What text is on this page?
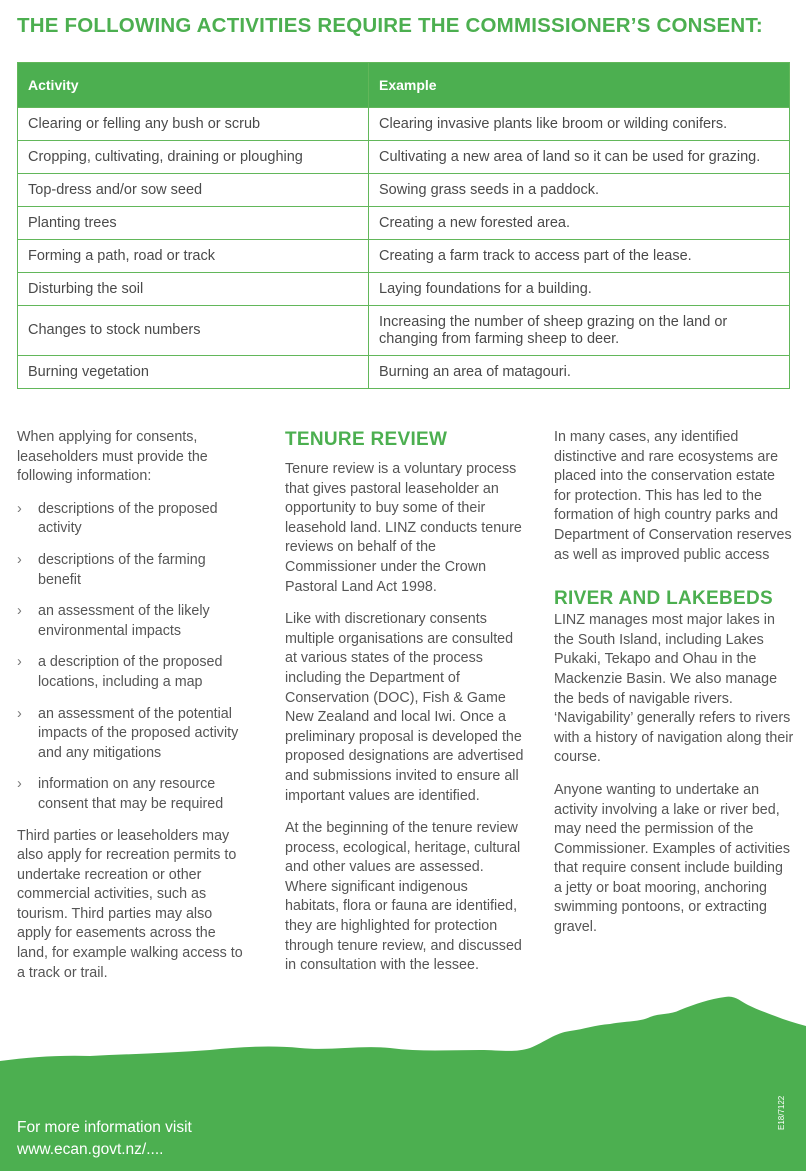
THE FOLLOWING ACTIVITIES REQUIRE THE COMMISSIONER’S CONSENT:
Activity	Example
Clearing or felling any bush or scrub	Clearing invasive plants like broom or wilding conifers.
Cropping, cultivating, draining or ploughing	Cultivating a new area of land so it can be used for grazing.
Top-dress and/or sow seed	Sowing grass seeds in a paddock.
Planting trees	Creating a new forested area.
Forming a path, road or track	Creating a farm track to access part of the lease.
Disturbing the soil	Laying foundations for a building.
Changes to stock numbers	Increasing the number of sheep grazing on the land or changing from farming sheep to deer.
Burning vegetation	Burning an area of matagouri.

When applying for consents, leaseholders must provide the following information:

› descriptions of the proposed activity
› descriptions of the farming benefit
› an assessment of the likely environmental impacts
› a description of the proposed locations, including a map
› an assessment of the potential impacts of the proposed activity and any mitigations
› information on any resource consent that may be required

Third parties or leaseholders may also apply for recreation permits to undertake recreation or other commercial activities, such as tourism. Third parties may also apply for easements across the land, for example walking access to a track or trail.

TENURE REVIEW

Tenure review is a voluntary process that gives pastoral leaseholder an opportunity to buy some of their leasehold land. LINZ conducts tenure reviews on behalf of the Commissioner under the Crown Pastoral Land Act 1998.

Like with discretionary consents multiple organisations are consulted at various states of the process including the Department of Conservation (DOC), Fish & Game New Zealand and local Iwi. Once a preliminary proposal is developed the proposed designations are advertised and submissions invited to ensure all important values are identified.

At the beginning of the tenure review process, ecological, heritage, cultural and other values are assessed. Where significant indigenous habitats, flora or fauna are identified, they are highlighted for protection through tenure review, and discussed in consultation with the lessee.

In many cases, any identified distinctive and rare ecosystems are placed into the conservation estate for protection. This has led to the formation of high country parks and Department of Conservation reserves as well as improved public access

RIVER AND LAKEBEDS

LINZ manages most major lakes in the South Island, including Lakes Pukaki, Tekapo and Ohau in the Mackenzie Basin. We also manage the beds of navigable rivers. ‘Navigability’ generally refers to rivers with a history of navigation along their course.

Anyone wanting to undertake an activity involving a lake or river bed, may need the permission of the Commissioner. Examples of activities that require consent include building a jetty or boat mooring, anchoring swimming pontoons, or extracting gravel.

For more information visit
www.ecan.govt.nz/....
E18/7122
